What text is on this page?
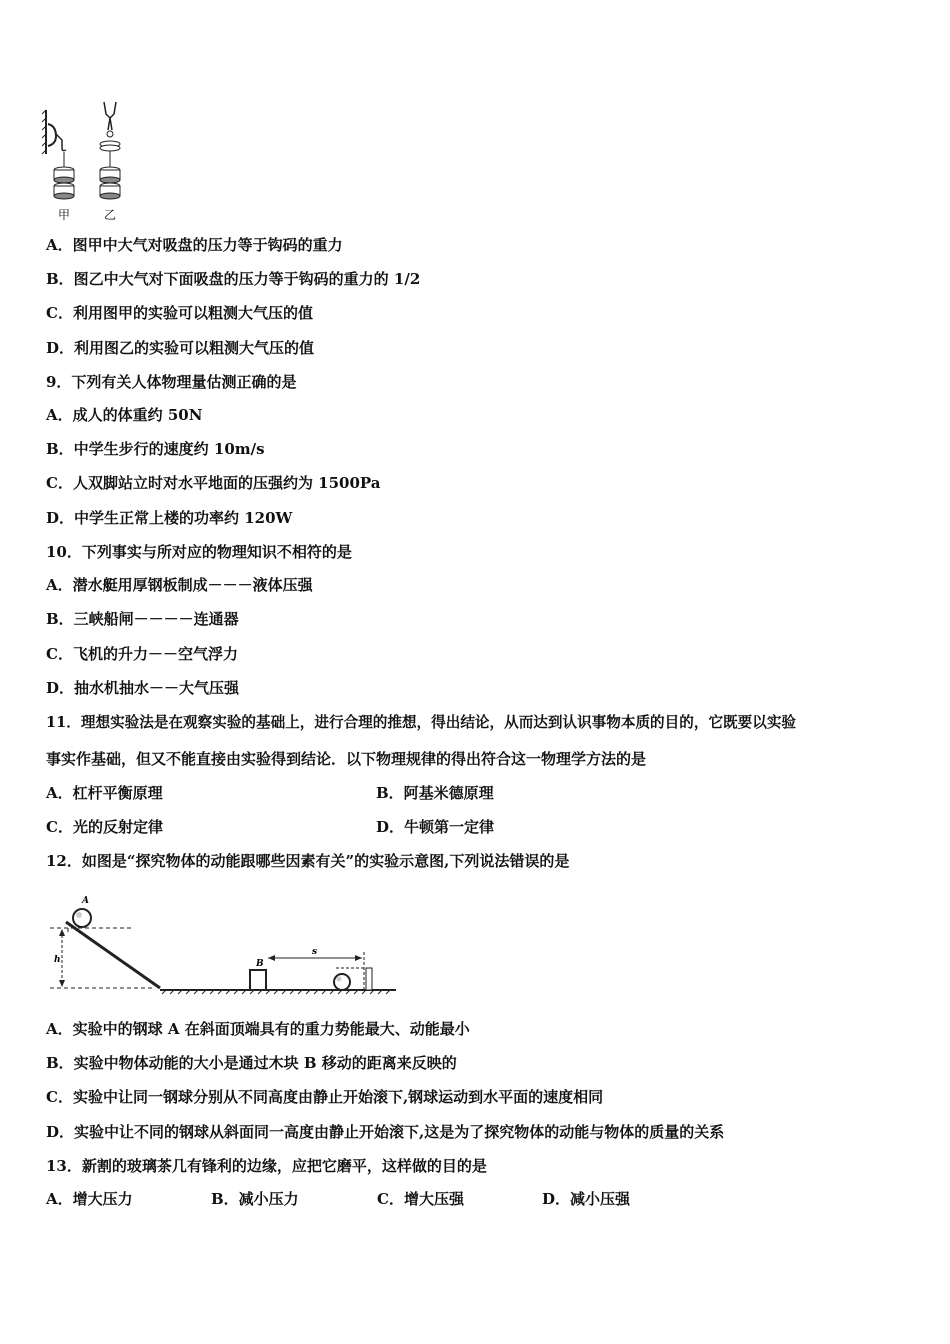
甲	乙
A．图甲中大气对吸盘的压力等于钩码的重力
B．图乙中大气对下面吸盘的压力等于钩码的重力的 1/2
C．利用图甲的实验可以粗测大气压的值
D．利用图乙的实验可以粗测大气压的值
9．下列有关人体物理量估测正确的是
A．成人的体重约 50N
B．中学生步行的速度约 10m/s
C．人双脚站立时对水平地面的压强约为 1500Pa
D．中学生正常上楼的功率约 120W
10．下列事实与所对应的物理知识不相符的是
A．潜水艇用厚钢板制成－－－液体压强
B．三峡船闸－－－－连通器
C．飞机的升力－－空气浮力
D．抽水机抽水－－大气压强
11．理想实验法是在观察实验的基础上，进行合理的推想，得出结论，从而达到认识事物本质的目的，它既要以实验
事实作基础，但又不能直接由实验得到结论．以下物理规律的得出符合这一物理学方法的是
A．杠杆平衡原理	B．阿基米德原理
C．光的反射定律	D．牛顿第一定律
12．如图是“探究物体的动能跟哪些因素有关”的实验示意图,下列说法错误的是
h
A
B
s
A．实验中的钢球 A 在斜面顶端具有的重力势能最大、动能最小
B．实验中物体动能的大小是通过木块 B 移动的距离来反映的
C．实验中让同一钢球分别从不同高度由静止开始滚下,钢球运动到水平面的速度相同
D．实验中让不同的钢球从斜面同一高度由静止开始滚下,这是为了探究物体的动能与物体的质量的关系
13．新割的玻璃茶几有锋利的边缘，应把它磨平，这样做的目的是
A．增大压力	B．减小压力	C．增大压强	D．减小压强
